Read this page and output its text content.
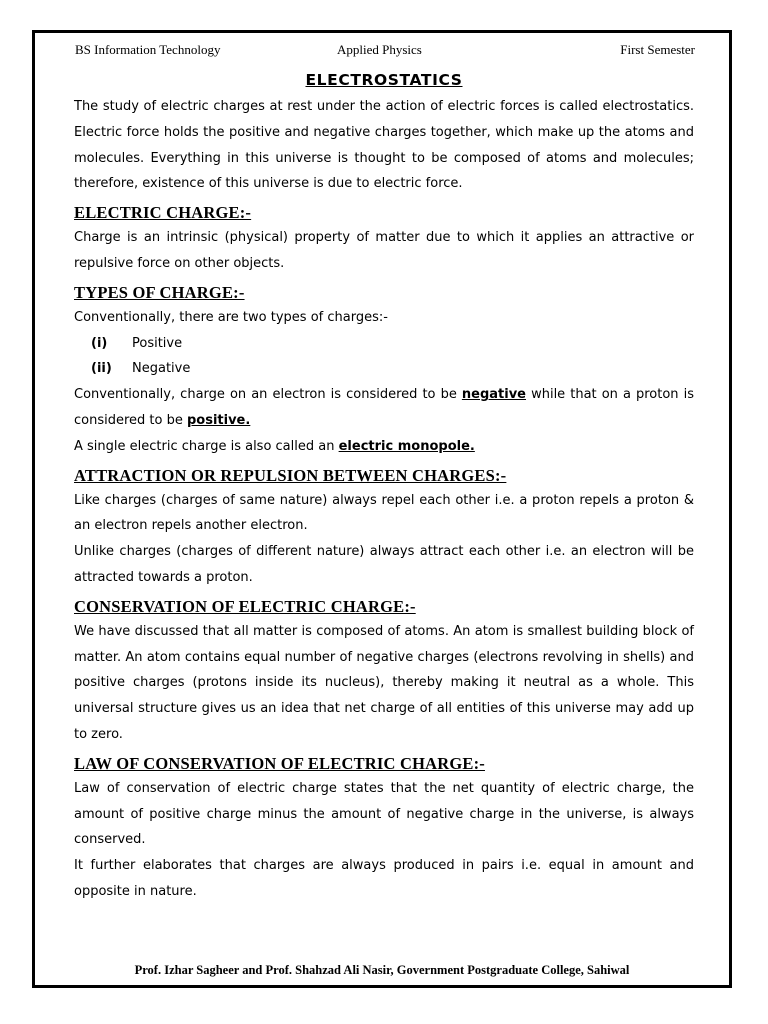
BS Information Technology	Applied Physics	First Semester
ELECTROSTATICS

The study of electric charges at rest under the action of electric forces is called electrostatics. Electric force holds the positive and negative charges together, which make up the atoms and molecules. Everything in this universe is thought to be composed of atoms and molecules; therefore, existence of this universe is due to electric force.

ELECTRIC CHARGE:-

Charge is an intrinsic (physical) property of matter due to which it applies an attractive or repulsive force on other objects.

TYPES OF CHARGE:-

Conventionally, there are two types of charges:-

(i) Positive
(ii) Negative

Conventionally, charge on an electron is considered to be negative while that on a proton is considered to be positive.

A single electric charge is also called an electric monopole.

ATTRACTION OR REPULSION BETWEEN CHARGES:-

Like charges (charges of same nature) always repel each other i.e. a proton repels a proton & an electron repels another electron.

Unlike charges (charges of different nature) always attract each other i.e. an electron will be attracted towards a proton.

CONSERVATION OF ELECTRIC CHARGE:-

We have discussed that all matter is composed of atoms. An atom is smallest building block of matter. An atom contains equal number of negative charges (electrons revolving in shells) and positive charges (protons inside its nucleus), thereby making it neutral as a whole. This universal structure gives us an idea that net charge of all entities of this universe may add up to zero.

LAW OF CONSERVATION OF ELECTRIC CHARGE:-

Law of conservation of electric charge states that the net quantity of electric charge, the amount of positive charge minus the amount of negative charge in the universe, is always conserved.

It further elaborates that charges are always produced in pairs i.e. equal in amount and opposite in nature.

Prof. Izhar Sagheer and Prof. Shahzad Ali Nasir, Government Postgraduate College, Sahiwal
